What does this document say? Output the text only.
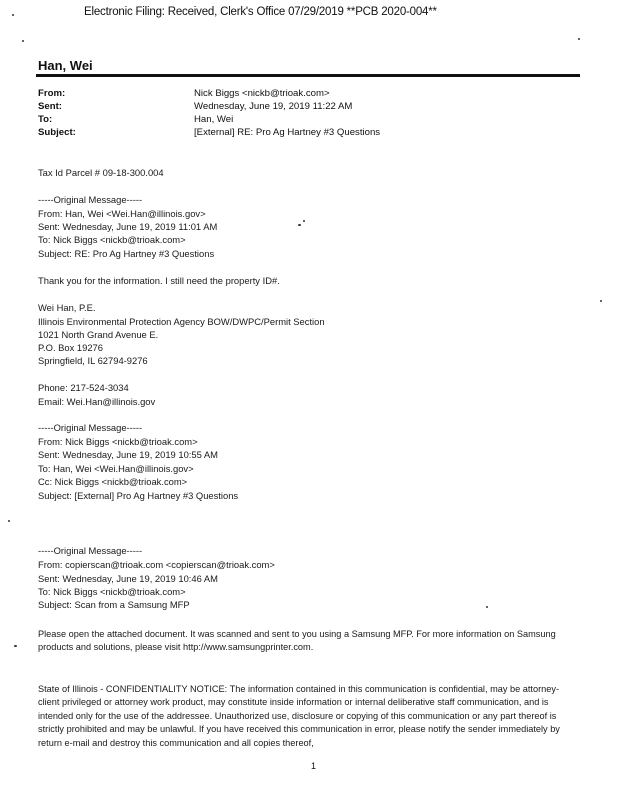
Electronic Filing: Received, Clerk's Office 07/29/2019 **PCB 2020-004**
Han, Wei
From:	Nick Biggs <nickb@trioak.com>
Sent:	Wednesday, June 19, 2019 11:22 AM
To:	Han, Wei
Subject:	[External] RE: Pro Ag Hartney #3 Questions
Tax Id Parcel # 09-18-300.004
-----Original Message-----
From: Han, Wei <Wei.Han@illinois.gov>
Sent: Wednesday, June 19, 2019 11:01 AM
To: Nick Biggs <nickb@trioak.com>
Subject: RE: Pro Ag Hartney #3 Questions
Thank you for the information. I still need the property ID#.
Wei Han, P.E.
Illinois Environmental Protection Agency BOW/DWPC/Permit Section
1021 North Grand Avenue E.
P.O. Box 19276
Springfield, IL 62794-9276
Phone: 217-524-3034
Email: Wei.Han@illinois.gov
-----Original Message-----
From: Nick Biggs <nickb@trioak.com>
Sent: Wednesday, June 19, 2019 10:55 AM
To: Han, Wei <Wei.Han@illinois.gov>
Cc: Nick Biggs <nickb@trioak.com>
Subject: [External] Pro Ag Hartney #3 Questions
-----Original Message-----
From: copierscan@trioak.com <copierscan@trioak.com>
Sent: Wednesday, June 19, 2019 10:46 AM
To: Nick Biggs <nickb@trioak.com>
Subject: Scan from a Samsung MFP
Please open the attached document. It was scanned and sent to you using a Samsung MFP. For more information on Samsung products and solutions, please visit http://www.samsungprinter.com.
State of Illinois - CONFIDENTIALITY NOTICE: The information contained in this communication is confidential, may be attorney-client privileged or attorney work product, may constitute inside information or internal deliberative staff communication, and is intended only for the use of the addressee. Unauthorized use, disclosure or copying of this communication or any part thereof is strictly prohibited and may be unlawful. If you have received this communication in error, please notify the sender immediately by return e-mail and destroy this communication and all copies thereof,
1
